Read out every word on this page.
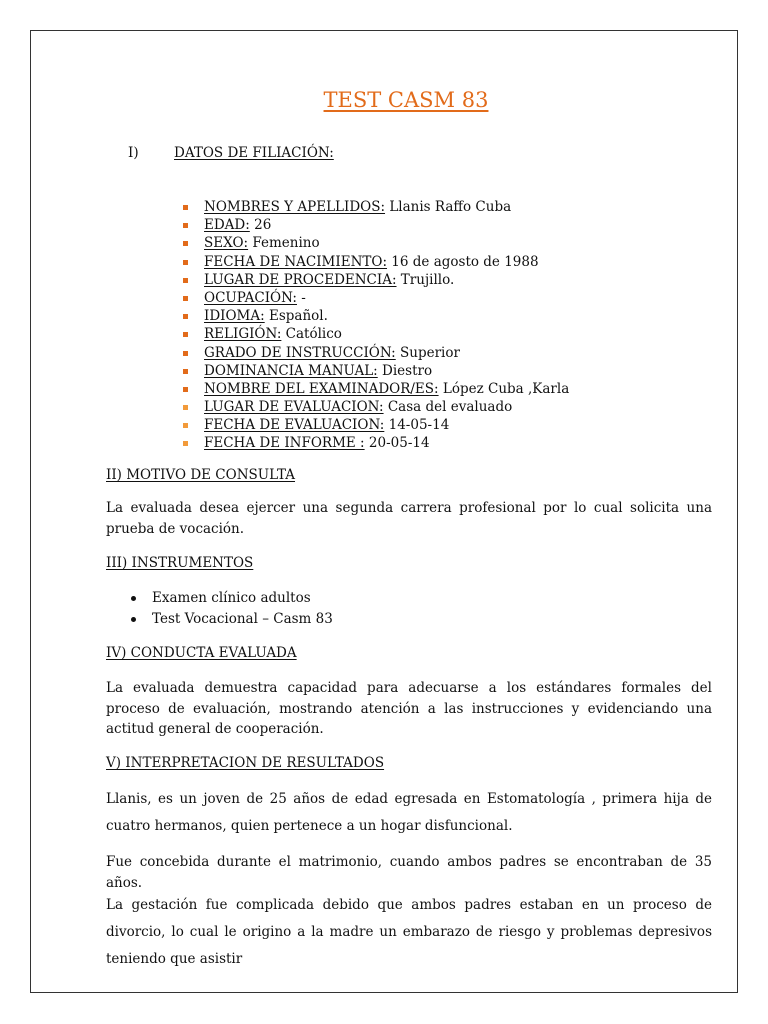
TEST CASM 83
I)	DATOS DE FILIACIÓN:
NOMBRES Y APELLIDOS: Llanis Raffo Cuba
EDAD: 26
SEXO: Femenino
FECHA DE NACIMIENTO: 16 de agosto de 1988
LUGAR DE PROCEDENCIA: Trujillo.
OCUPACIÓN: -
IDIOMA: Español.
RELIGIÓN: Católico
GRADO DE INSTRUCCIÓN: Superior
DOMINANCIA MANUAL: Diestro
NOMBRE DEL EXAMINADOR/ES: López Cuba ,Karla
LUGAR DE EVALUACION: Casa del evaluado
FECHA DE EVALUACION: 14-05-14
FECHA DE INFORME : 20-05-14
II) MOTIVO DE CONSULTA

La evaluada desea ejercer una segunda carrera profesional por lo cual solicita una prueba de vocación.

III) INSTRUMENTOS
Examen clínico adultos
Test Vocacional – Casm 83
IV) CONDUCTA EVALUADA

La evaluada demuestra capacidad para adecuarse a los estándares formales del proceso de evaluación, mostrando atención a las instrucciones y evidenciando una actitud general de cooperación.

V) INTERPRETACION DE RESULTADOS

Llanis, es un joven de 25 años de edad egresada en Estomatología , primera hija de cuatro hermanos, quien pertenece a un hogar disfuncional.

Fue concebida durante el matrimonio, cuando ambos padres se encontraban de 35 años.

La gestación fue complicada debido que ambos padres estaban en un proceso de divorcio, lo cual le origino a la madre un embarazo de riesgo y problemas depresivos teniendo que asistir
